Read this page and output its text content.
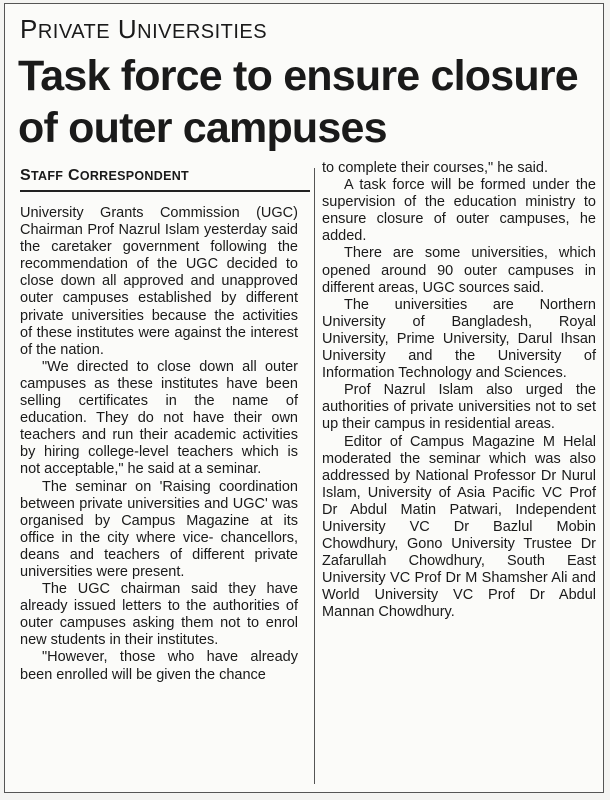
PRIVATE UNIVERSITIES
Task force to ensure closure of outer campuses
STAFF CORRESPONDENT

University Grants Commission (UGC) Chairman Prof Nazrul Islam yesterday said the caretaker government following the recommendation of the UGC decided to close down all approved and unapproved outer campuses established by different private universities because the activities of these institutes were against the interest of the nation.

"We directed to close down all outer campuses as these institutes have been selling certificates in the name of education. They do not have their own teachers and run their academic activities by hiring college-level teachers which is not acceptable," he said at a seminar.

The seminar on 'Raising coordination between private universities and UGC' was organised by Campus Magazine at its office in the city where vice- chancellors, deans and teachers of different private universities were present.

The UGC chairman said they have already issued letters to the authorities of outer campuses asking them not to enrol new students in their institutes.

"However, those who have already been enrolled will be given the chance

to complete their courses," he said.

A task force will be formed under the supervision of the education ministry to ensure closure of outer campuses, he added.

There are some universities, which opened around 90 outer campuses in different areas, UGC sources said.

The universities are Northern University of Bangladesh, Royal University, Prime University, Darul Ihsan University and the University of Information Technology and Sciences.

Prof Nazrul Islam also urged the authorities of private universities not to set up their campus in residential areas.

Editor of Campus Magazine M Helal moderated the seminar which was also addressed by National Professor Dr Nurul Islam, University of Asia Pacific VC Prof Dr Abdul Matin Patwari, Independent University VC Dr Bazlul Mobin Chowdhury, Gono University Trustee Dr Zafarullah Chowdhury, South East University VC Prof Dr M Shamsher Ali and World University VC Prof Dr Abdul Mannan Chowdhury.
